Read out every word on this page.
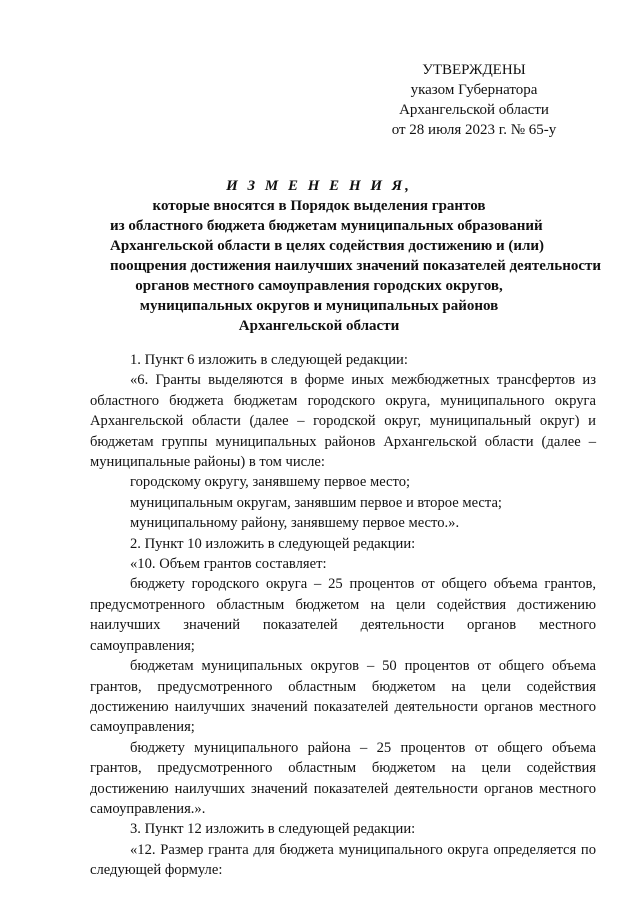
УТВЕРЖДЕНЫ
указом Губернатора
Архангельской области
от 28 июля 2023 г. № 65-у
И З М Е Н Е Н И Я,
которые вносятся в Порядок выделения грантов
из областного бюджета бюджетам муниципальных образований
Архангельской области в целях содействия достижению и (или)
поощрения достижения наилучших значений показателей деятельности
органов местного самоуправления городских округов,
муниципальных округов и муниципальных районов
Архангельской области

1. Пункт 6 изложить в следующей редакции:

«6. Гранты выделяются в форме иных межбюджетных трансфертов из областного бюджета бюджетам городского округа, муниципального округа Архангельской области (далее – городской округ, муниципальный округ) и бюджетам группы муниципальных районов Архангельской области (далее – муниципальные районы) в том числе:

городскому округу, занявшему первое место;

муниципальным округам, занявшим первое и второе места;

муниципальному району, занявшему первое место.».

2. Пункт 10 изложить в следующей редакции:

«10. Объем грантов составляет:

бюджету городского округа – 25 процентов от общего объема грантов, предусмотренного областным бюджетом на цели содействия достижению наилучших значений показателей деятельности органов местного самоуправления;

бюджетам муниципальных округов – 50 процентов от общего объема грантов, предусмотренного областным бюджетом на цели содействия достижению наилучших значений показателей деятельности органов местного самоуправления;

бюджету муниципального района – 25 процентов от общего объема грантов, предусмотренного областным бюджетом на цели содействия достижению наилучших значений показателей деятельности органов местного самоуправления.».

3. Пункт 12 изложить в следующей редакции:

«12. Размер гранта для бюджета муниципального округа определяется по следующей формуле:
